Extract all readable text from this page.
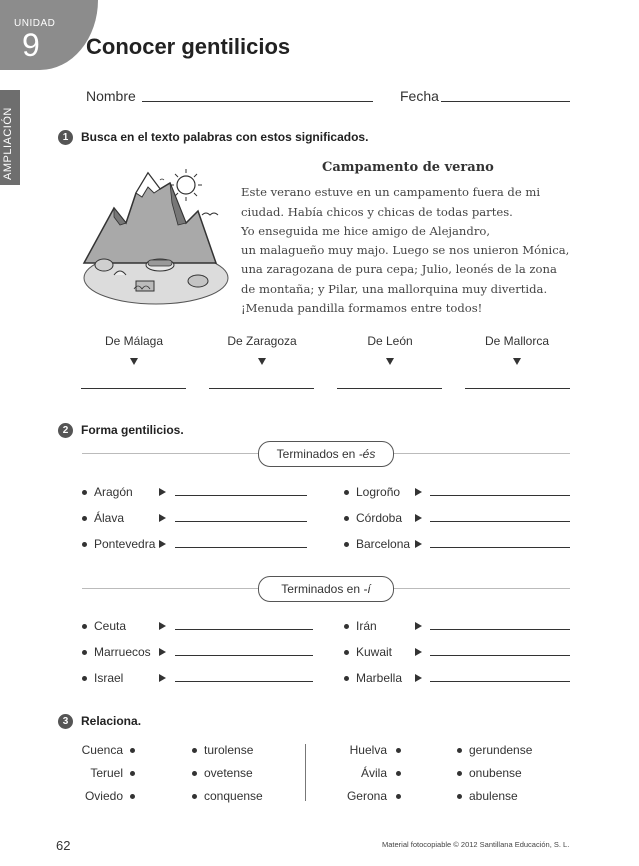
UNIDAD
9 Conocer gentilicios
AMPLIACIÓN
Nombre	Fecha
1	Busca en el texto palabras con estos significados.
Campamento de verano
Este verano estuve en un campamento fuera de mi
ciudad. Había chicos y chicas de todas partes.
Yo enseguida me hice amigo de Alejandro,
un malagueño muy majo. Luego se nos unieron Mónica,
una zaragozana de pura cepa; Julio, leonés de la zona
de montaña; y Pilar, una mallorquina muy divertida.
¡Menuda pandilla formamos entre todos!
De Málaga	De Zaragoza	De León	De Mallorca
2	Forma gentilicios.
Terminados en -és
Aragón
Álava
Pontevedra
Logroño
Córdoba
Barcelona
Terminados en -í
Ceuta
Marruecos
Israel
Irán
Kuwait
Marbella
3	Relaciona.
Cuenca
Teruel
Oviedo
turolense
ovetense
conquense
Huelva
Ávila
Gerona
gerundense
onubense
abulense
62	Material fotocopiable © 2012 Santillana Educación, S. L.
